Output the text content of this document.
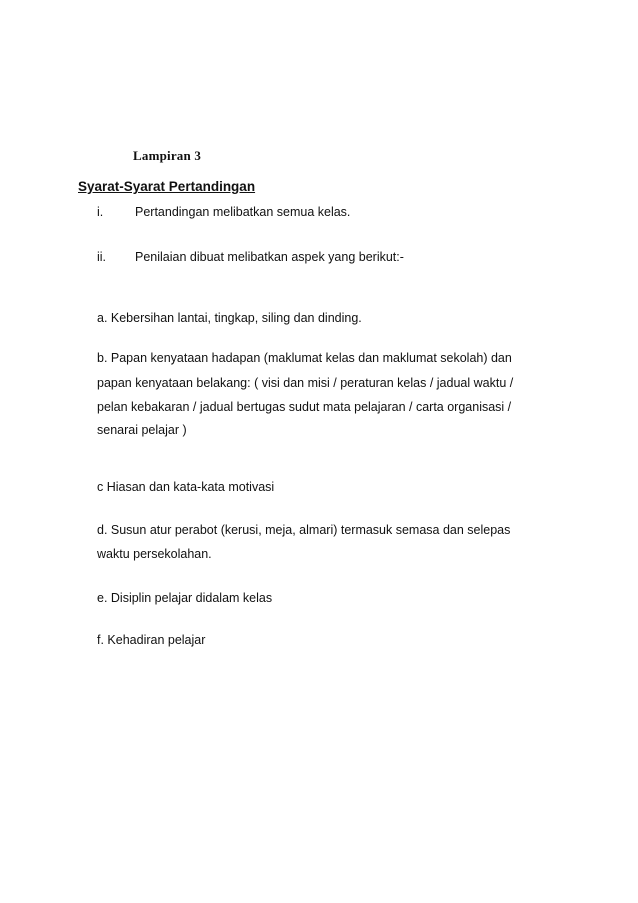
Lampiran 3
Syarat-Syarat Pertandingan
i.	Pertandingan melibatkan semua kelas.
ii. Penilaian dibuat melibatkan aspek yang berikut:-
a. Kebersihan lantai, tingkap, siling dan dinding.
b. Papan kenyataan hadapan (maklumat kelas dan maklumat sekolah) dan
papan kenyataan belakang: ( visi dan misi / peraturan kelas / jadual waktu /
pelan kebakaran / jadual bertugas sudut mata pelajaran / carta organisasi /
senarai pelajar )
c Hiasan dan kata-kata motivasi
d. Susun atur perabot (kerusi, meja, almari) termasuk semasa dan selepas
waktu persekolahan.
e. Disiplin pelajar didalam kelas
f. Kehadiran pelajar
